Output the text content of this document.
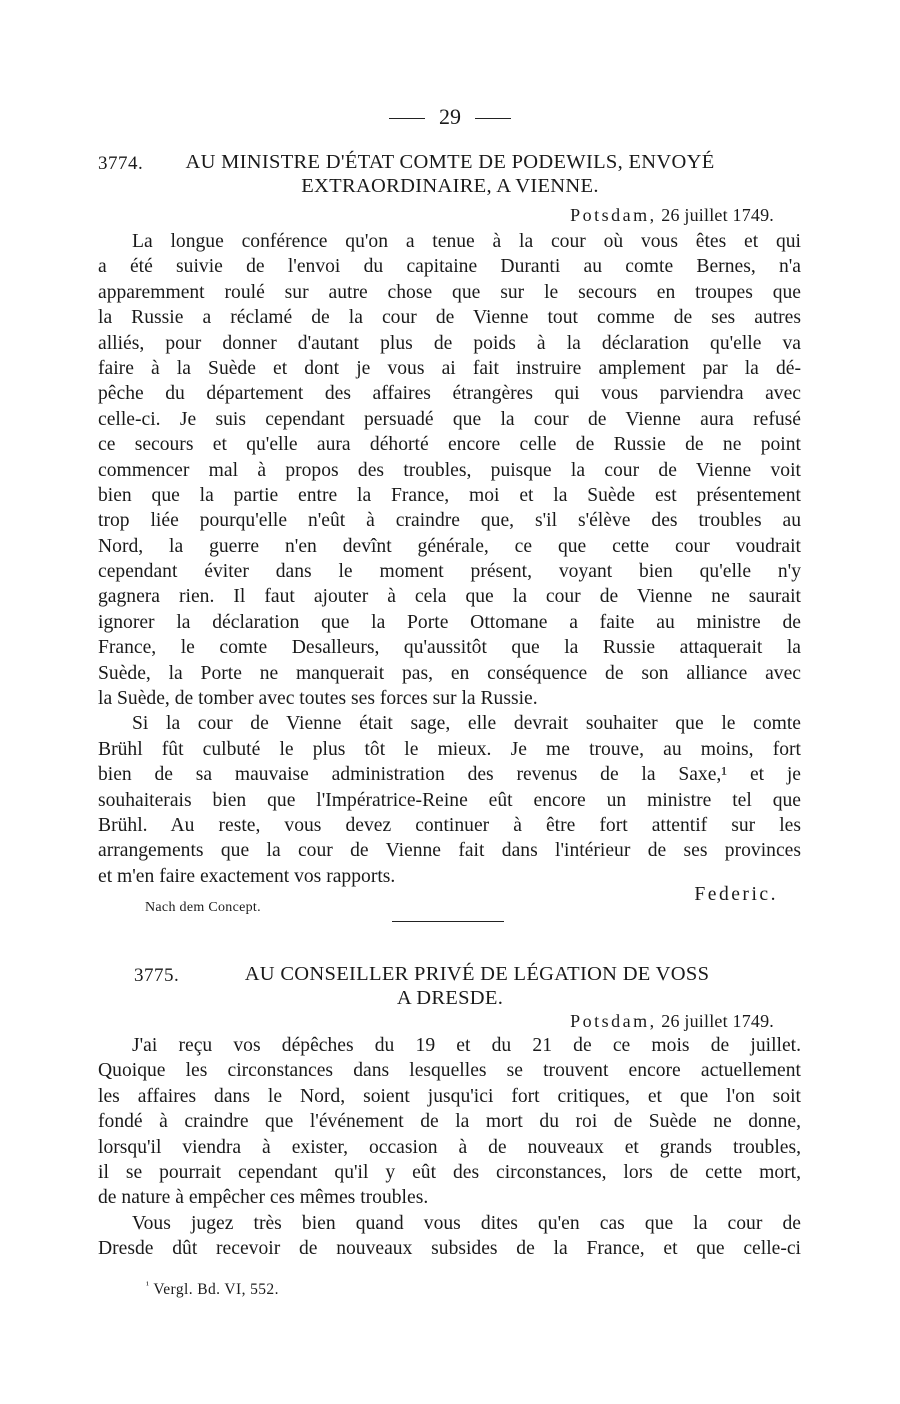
29
3774.	AU MINISTRE D'ÉTAT COMTE DE PODEWILS, ENVOYÉ
EXTRAORDINAIRE, A VIENNE.
Potsdam, 26 juillet 1749.
La longue conférence qu'on a tenue à la cour où vous êtes et qui
a été suivie de l'envoi du capitaine Duranti au comte Bernes, n'a
apparemment roulé sur autre chose que sur le secours en troupes que
la Russie a réclamé de la cour de Vienne tout comme de ses autres
alliés, pour donner d'autant plus de poids à la déclaration qu'elle va
faire à la Suède et dont je vous ai fait instruire amplement par la dé-
pêche du département des affaires étrangères qui vous parviendra avec
celle-ci. Je suis cependant persuadé que la cour de Vienne aura refusé
ce secours et qu'elle aura déhorté encore celle de Russie de ne point
commencer mal à propos des troubles, puisque la cour de Vienne voit
bien que la partie entre la France, moi et la Suède est présentement
trop liée pourqu'elle n'eût à craindre que, s'il s'élève des troubles au
Nord, la guerre n'en devînt générale, ce que cette cour voudrait
cependant éviter dans le moment présent, voyant bien qu'elle n'y
gagnera rien. Il faut ajouter à cela que la cour de Vienne ne saurait
ignorer la déclaration que la Porte Ottomane a faite au ministre de
France, le comte Desalleurs, qu'aussitôt que la Russie attaquerait la
Suède, la Porte ne manquerait pas, en conséquence de son alliance avec
la Suède, de tomber avec toutes ses forces sur la Russie.
Si la cour de Vienne était sage, elle devrait souhaiter que le comte
Brühl fût culbuté le plus tôt le mieux. Je me trouve, au moins, fort
bien de sa mauvaise administration des revenus de la Saxe,¹ et je
souhaiterais bien que l'Impératrice-Reine eût encore un ministre tel que
Brühl. Au reste, vous devez continuer à être fort attentif sur les
arrangements que la cour de Vienne fait dans l'intérieur de ses provinces
et m'en faire exactement vos rapports.
Federic.
Nach dem Concept.
3775.	AU CONSEILLER PRIVÉ DE LÉGATION DE VOSS
A DRESDE.
Potsdam, 26 juillet 1749.
J'ai reçu vos dépêches du 19 et du 21 de ce mois de juillet.
Quoique les circonstances dans lesquelles se trouvent encore actuellement
les affaires dans le Nord, soient jusqu'ici fort critiques, et que l'on soit
fondé à craindre que l'événement de la mort du roi de Suède ne donne,
lorsqu'il viendra à exister, occasion à de nouveaux et grands troubles,
il se pourrait cependant qu'il y eût des circonstances, lors de cette mort,
de nature à empêcher ces mêmes troubles.
Vous jugez très bien quand vous dites qu'en cas que la cour de
Dresde dût recevoir de nouveaux subsides de la France, et que celle-ci
$^{^1}$ Vergl. Bd. VI, 552.
